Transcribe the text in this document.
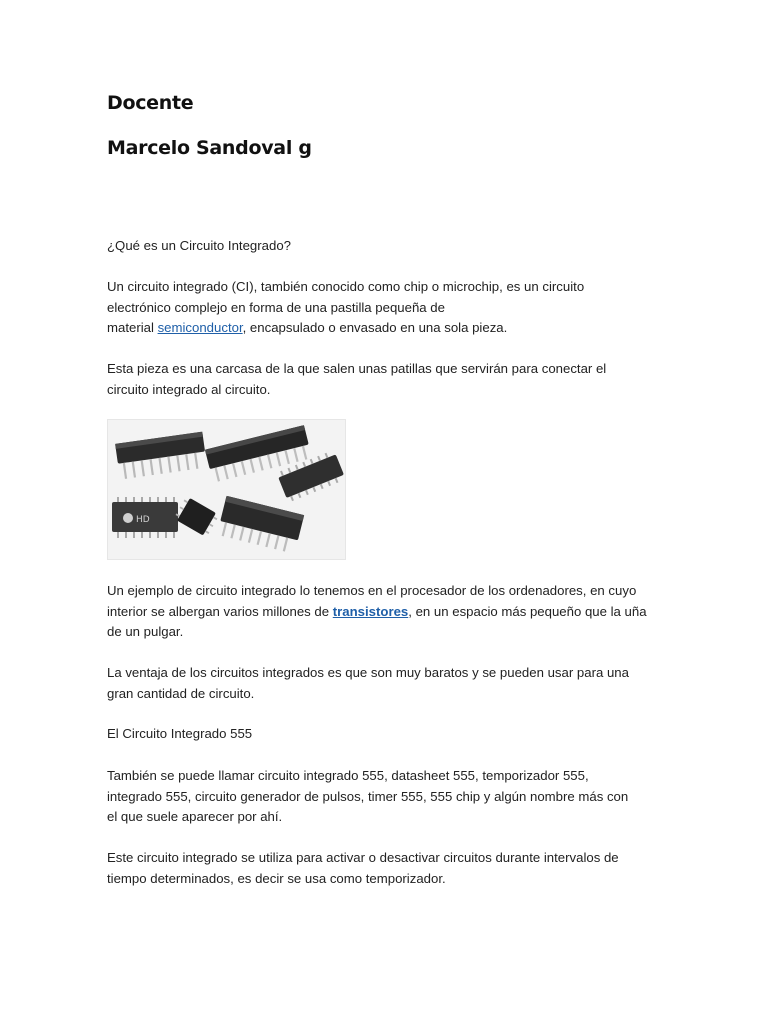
Docente
Marcelo Sandoval g

¿Qué es un Circuito Integrado?

Un circuito integrado (CI), también conocido como chip o microchip, es un circuito
electrónico complejo en forma de una pastilla pequeña de
material semiconductor, encapsulado o envasado en una sola pieza.

Esta pieza es una carcasa de la que salen unas patillas que servirán para conectar el
circuito integrado al circuito.

HD

Un ejemplo de circuito integrado lo tenemos en el procesador de los ordenadores, en cuyo
interior se albergan varios millones de transistores, en un espacio más pequeño que la uña
de un pulgar.

La ventaja de los circuitos integrados es que son muy baratos y se pueden usar para una
gran cantidad de circuito.

El Circuito Integrado 555

También se puede llamar circuito integrado 555, datasheet 555, temporizador 555,
integrado 555, circuito generador de pulsos, timer 555, 555 chip y algún nombre más con
el que suele aparecer por ahí.

Este circuito integrado se utiliza para activar o desactivar circuitos durante intervalos de
tiempo determinados, es decir se usa como temporizador.
